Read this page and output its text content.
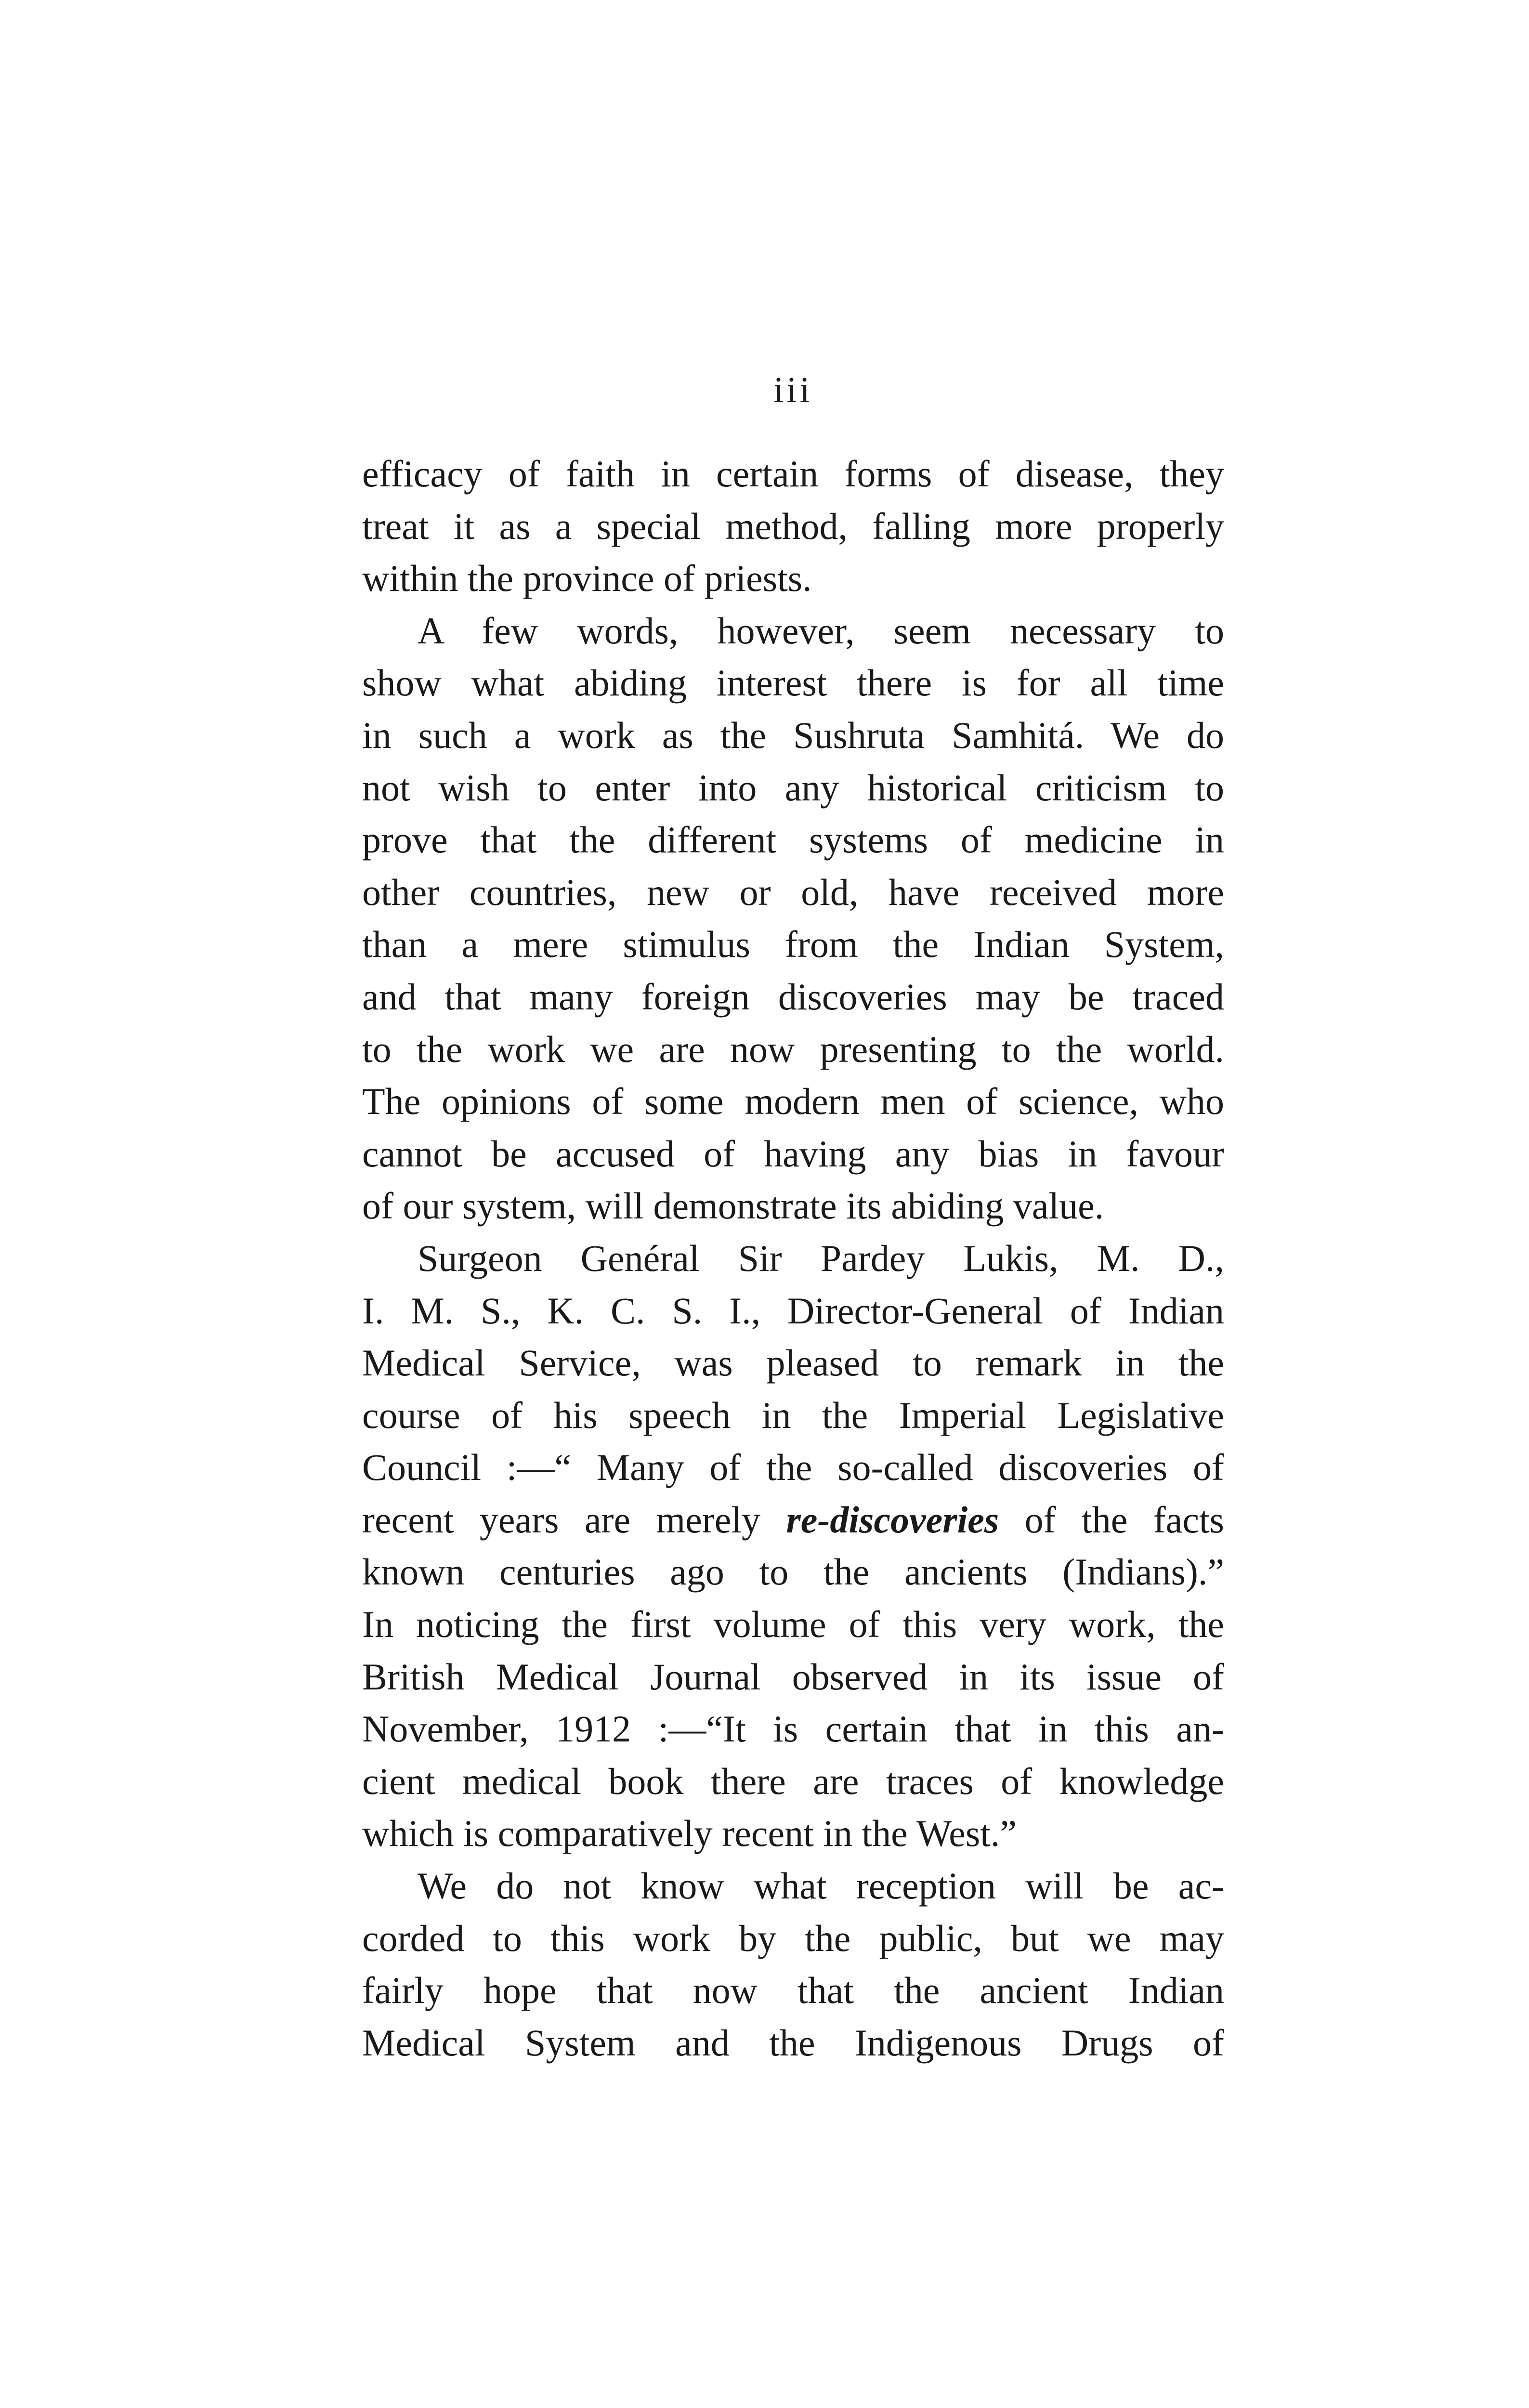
iii
efficacy of faith in certain forms of disease, they
treat it as a special method, falling more properly
within the province of priests.
A few words, however, seem necessary to
show what abiding interest there is for all time
in such a work as the Sushruta Samhitá. We do
not wish to enter into any historical criticism to
prove that the different systems of medicine in
other countries, new or old, have received more
than a mere stimulus from the Indian System,
and that many foreign discoveries may be traced
to the work we are now presenting to the world.
The opinions of some modern men of science, who
cannot be accused of having any bias in favour
of our system, will demonstrate its abiding value.
Surgeon Genéral Sir Pardey Lukis, M. D.,
I. M. S., K. C. S. I., Director-General of Indian
Medical Service, was pleased to remark in the
course of his speech in the Imperial Legislative
Council :—“ Many of the so-called discoveries of
recent years are merely re-discoveries of the facts
known centuries ago to the ancients (Indians).”
In noticing the first volume of this very work, the
British Medical Journal observed in its issue of
November, 1912 :—“It is certain that in this an-
cient medical book there are traces of knowledge
which is comparatively recent in the West.”
We do not know what reception will be ac-
corded to this work by the public, but we may
fairly hope that now that the ancient Indian
Medical System and the Indigenous Drugs of
